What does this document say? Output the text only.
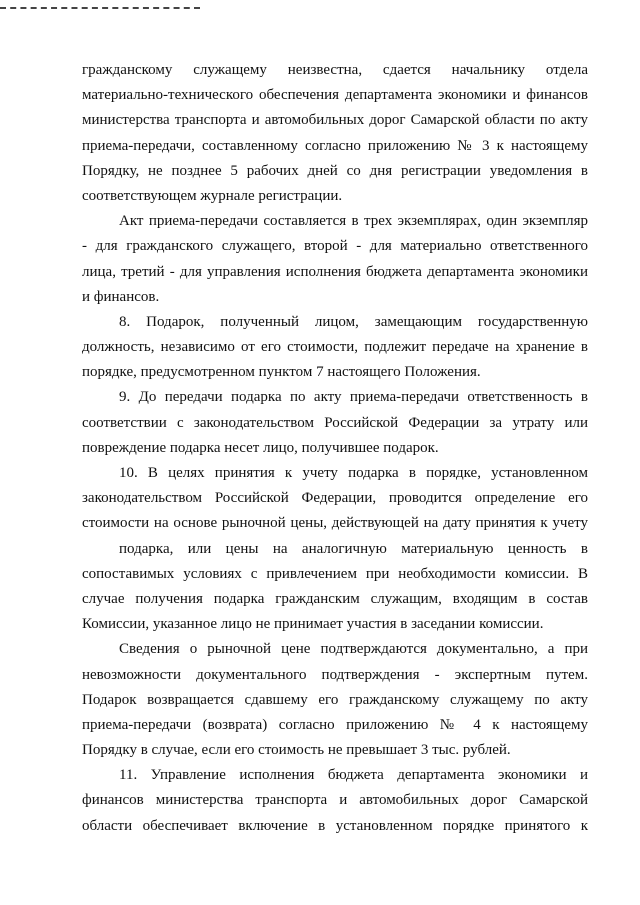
гражданскому служащему неизвестна, сдается начальнику отдела
материально-технического обеспечения департамента экономики и финансов
министерства транспорта и автомобильных дорог Самарской области по акту
приема-передачи, составленному согласно приложению № 3 к настоящему
Порядку, не позднее 5 рабочих дней со дня регистрации уведомления в
соответствующем журнале регистрации.
Акт приема-передачи составляется в трех экземплярах, один экземпляр
- для гражданского служащего, второй - для материально ответственного
лица, третий - для управления исполнения бюджета департамента экономики
и финансов.
8. Подарок, полученный лицом, замещающим государственную
должность, независимо от его стоимости, подлежит передаче на хранение в
порядке, предусмотренном пунктом 7 настоящего Положения.
9. До передачи подарка по акту приема-передачи ответственность в
соответствии с законодательством Российской Федерации за утрату или
повреждение подарка несет лицо, получившее подарок.
10. В целях принятия к учету подарка в порядке, установленном
законодательством Российской Федерации, проводится определение его
стоимости на основе рыночной цены, действующей на дату принятия к учету
подарка, или цены на аналогичную материальную ценность в
сопоставимых условиях с привлечением при необходимости комиссии. В
случае получения подарка гражданским служащим, входящим в состав
Комиссии, указанное лицо не принимает участия в заседании комиссии.
Сведения о рыночной цене подтверждаются документально, а при
невозможности документального подтверждения - экспертным путем.
Подарок возвращается сдавшему его гражданскому служащему по акту
приема-передачи (возврата) согласно приложению № 4 к настоящему
Порядку в случае, если его стоимость не превышает 3 тыс. рублей.
11. Управление исполнения бюджета департамента экономики и
финансов министерства транспорта и автомобильных дорог Самарской
области обеспечивает включение в установленном порядке принятого к
